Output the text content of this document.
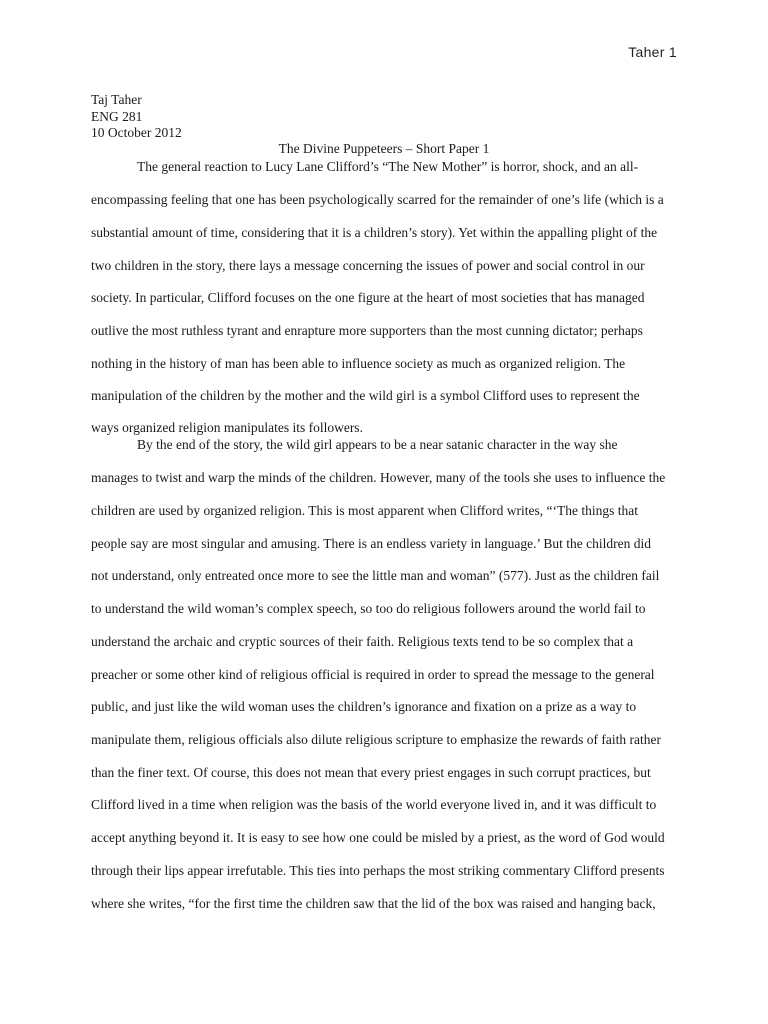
Taher 1
Taj Taher
ENG 281
10 October 2012
The Divine Puppeteers – Short Paper 1
The general reaction to Lucy Lane Clifford’s “The New Mother” is horror, shock, and an all-
encompassing feeling that one has been psychologically scarred for the remainder of one’s life (which is a
substantial amount of time, considering that it is a children’s story). Yet within the appalling plight of the
two children in the story, there lays a message concerning the issues of power and social control in our
society. In particular, Clifford focuses on the one figure at the heart of most societies that has managed
outlive the most ruthless tyrant and enrapture more supporters than the most cunning dictator; perhaps
nothing in the history of man has been able to influence society as much as organized religion. The
manipulation of the children by the mother and the wild girl is a symbol Clifford uses to represent the
ways organized religion manipulates its followers.
By the end of the story, the wild girl appears to be a near satanic character in the way she
manages to twist and warp the minds of the children. However, many of the tools she uses to influence the
children are used by organized religion. This is most apparent when Clifford writes, “‘The things that
people say are most singular and amusing. There is an endless variety in language.’ But the children did
not understand, only entreated once more to see the little man and woman” (577). Just as the children fail
to understand the wild woman’s complex speech, so too do religious followers around the world fail to
understand the archaic and cryptic sources of their faith. Religious texts tend to be so complex that a
preacher or some other kind of religious official is required in order to spread the message to the general
public, and just like the wild woman uses the children’s ignorance and fixation on a prize as a way to
manipulate them, religious officials also dilute religious scripture to emphasize the rewards of faith rather
than the finer text. Of course, this does not mean that every priest engages in such corrupt practices, but
Clifford lived in a time when religion was the basis of the world everyone lived in, and it was difficult to
accept anything beyond it. It is easy to see how one could be misled by a priest, as the word of God would
through their lips appear irrefutable. This ties into perhaps the most striking commentary Clifford presents
where she writes, “for the first time the children saw that the lid of the box was raised and hanging back,
